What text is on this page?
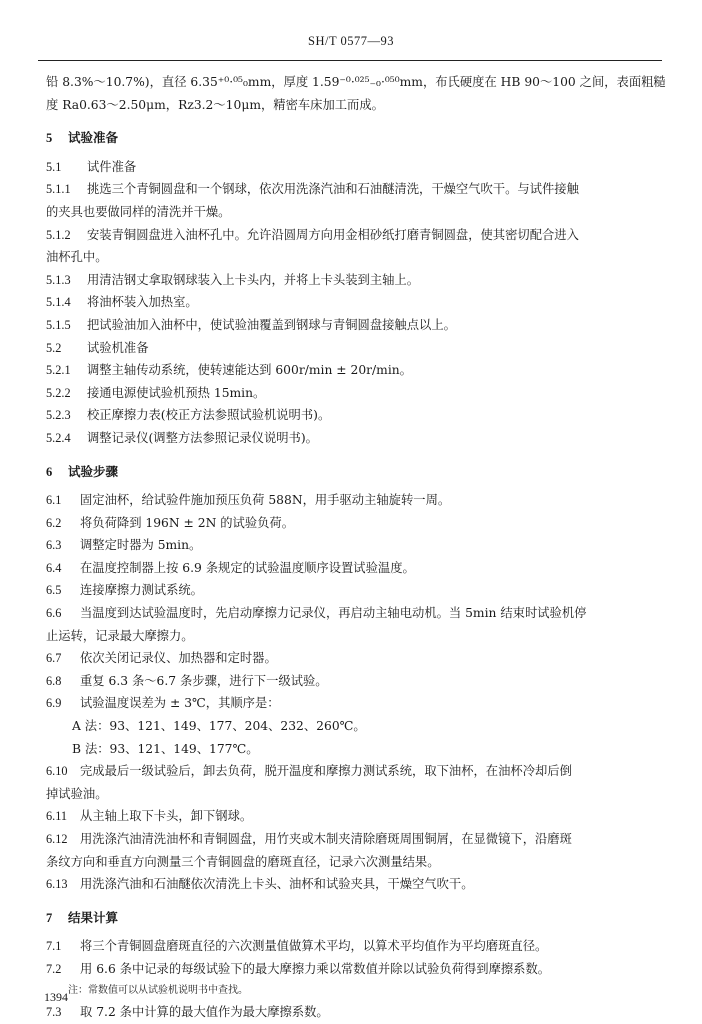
SH/T 0577—93

铅 8.3%～10.7%)，直径 6.35⁺⁰·⁰⁵₀mm，厚度 1.59⁻⁰·⁰²⁵₋₀·⁰⁵⁰mm，布氏硬度在 HB 90～100 之间，表面粗糙

度 Ra0.63～2.50μm，Rz3.2～10μm，精密车床加工而成。

5 试验准备

5.1 试件准备

5.1.1 挑选三个青铜圆盘和一个钢球，依次用洗涤汽油和石油醚清洗，干燥空气吹干。与试件接触

的夹具也要做同样的清洗并干燥。

5.1.2 安装青铜圆盘进入油杯孔中。允许沿圆周方向用金相砂纸打磨青铜圆盘，使其密切配合进入

油杯孔中。

5.1.3 用清洁钢丈拿取钢球装入上卡头内，并将上卡头装到主轴上。

5.1.4 将油杯装入加热室。

5.1.5 把试验油加入油杯中，使试验油覆盖到钢球与青铜圆盘接触点以上。

5.2 试验机准备

5.2.1 调整主轴传动系统，使转速能达到 600r/min ± 20r/min。

5.2.2 接通电源使试验机预热 15min。

5.2.3 校正摩擦力表(校正方法参照试验机说明书)。

5.2.4 调整记录仪(调整方法参照记录仪说明书)。

6 试验步骤

6.1 固定油杯，给试验件施加预压负荷 588N，用手驱动主轴旋转一周。

6.2 将负荷降到 196N ± 2N 的试验负荷。

6.3 调整定时器为 5min。

6.4 在温度控制器上按 6.9 条规定的试验温度顺序设置试验温度。

6.5 连接摩擦力测试系统。

6.6 当温度到达试验温度时，先启动摩擦力记录仪，再启动主轴电动机。当 5min 结束时试验机停

止运转，记录最大摩擦力。

6.7 依次关闭记录仪、加热器和定时器。

6.8 重复 6.3 条～6.7 条步骤，进行下一级试验。

6.9 试验温度误差为 ± 3℃，其顺序是：

A 法：93、121、149、177、204、232、260℃。

B 法：93、121、149、177℃。

6.10 完成最后一级试验后，卸去负荷，脱开温度和摩擦力测试系统，取下油杯，在油杯冷却后倒

掉试验油。

6.11 从主轴上取下卡头，卸下钢球。

6.12 用洗涤汽油清洗油杯和青铜圆盘，用竹夹或木制夹清除磨斑周围铜屑，在显微镜下，沿磨斑

条纹方向和垂直方向测量三个青铜圆盘的磨斑直径，记录六次测量结果。

6.13 用洗涤汽油和石油醚依次清洗上卡头、油杯和试验夹具，干燥空气吹干。

7 结果计算

7.1 将三个青铜圆盘磨斑直径的六次测量值做算术平均，以算术平均值作为平均磨斑直径。

7.2 用 6.6 条中记录的每级试验下的最大摩擦力乘以常数值并除以试验负荷得到摩擦系数。

注：常数值可以从试验机说明书中查找。

7.3 取 7.2 条中计算的最大值作为最大摩擦系数。

1394
